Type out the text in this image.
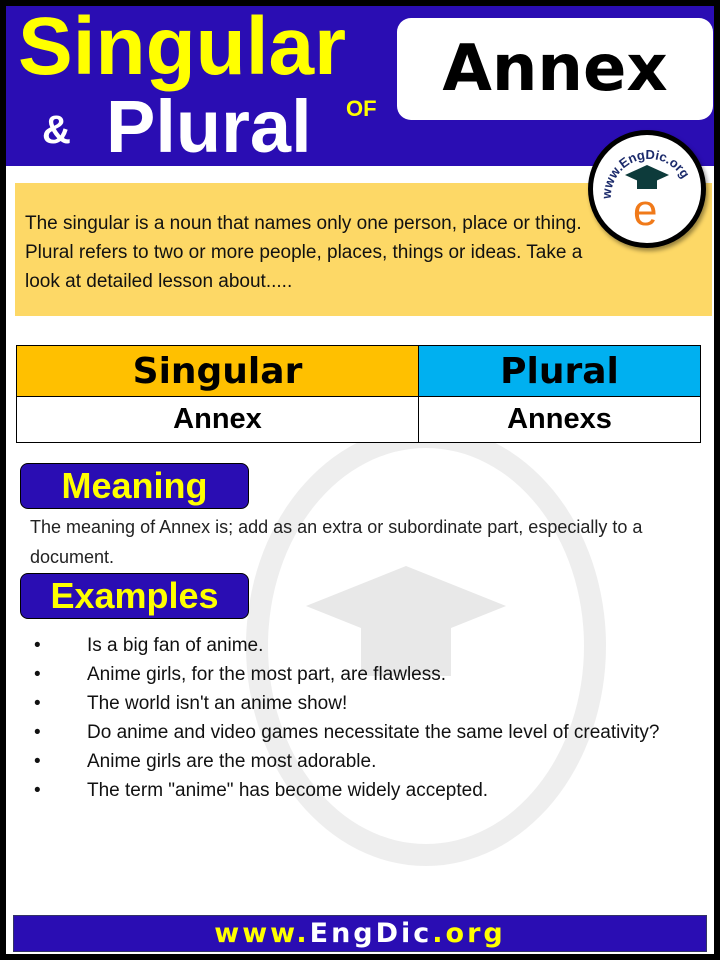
Singular
& Plural OF
Annex
The singular is a noun that names only one person, place or thing. Plural refers to two or more people, places, things or ideas. Take a look at detailed lesson about.....
www.EngDic.org
e
Singular	Plural
Annex	Annexs
Meaning
The meaning of Annex is; add as an extra or subordinate part, especially to a document.
Examples
• Is a big fan of anime.
• Anime girls, for the most part, are flawless.
• The world isn't an anime show!
• Do anime and video games necessitate the same level of creativity?
• Anime girls are the most adorable.
• The term "anime" has become widely accepted.
www. EngDic .org
